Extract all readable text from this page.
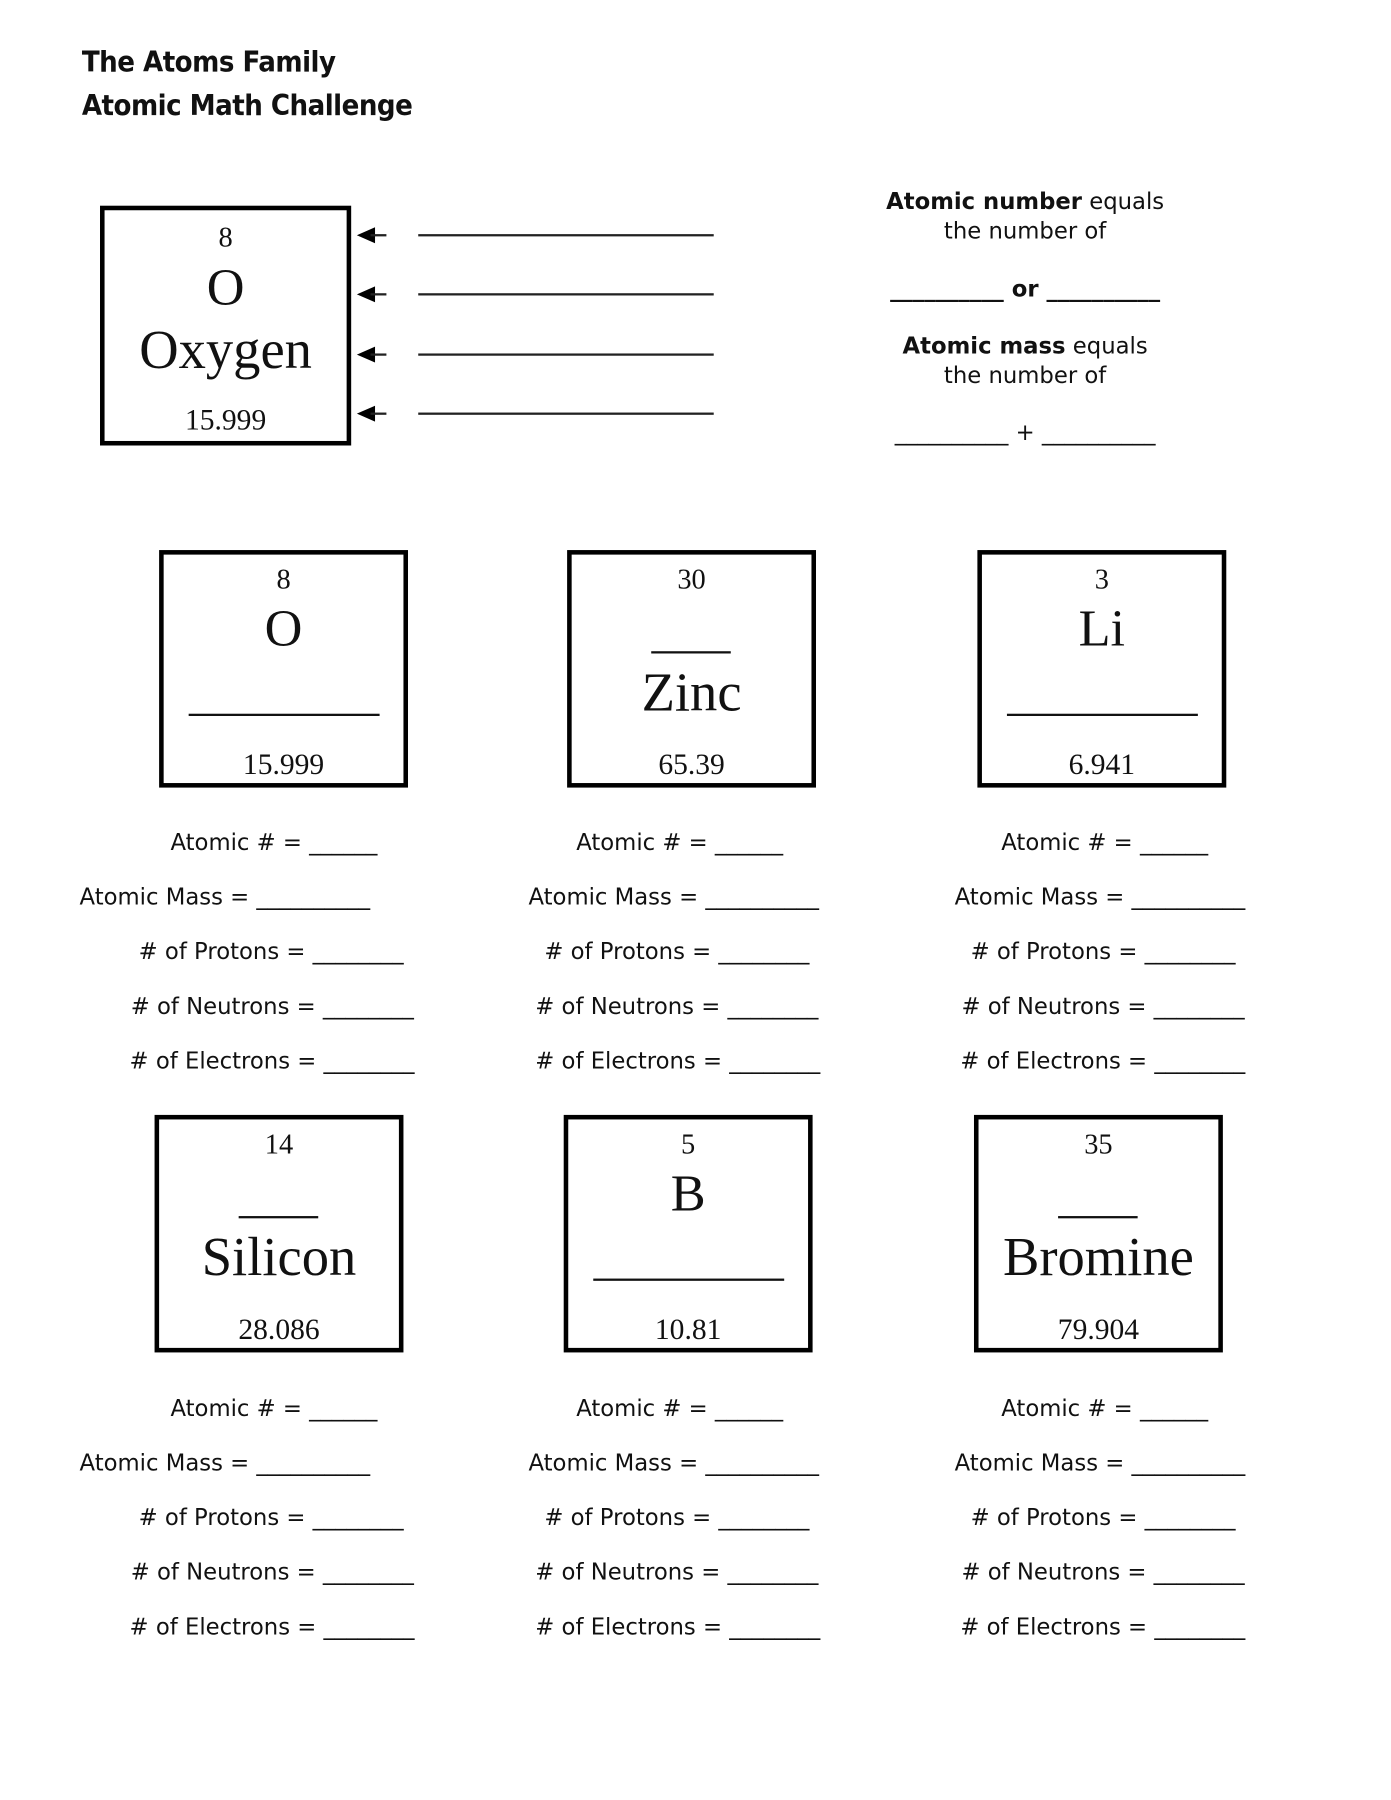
The Atoms Family
Atomic Math Challenge
8
O
Oxygen
15.999
Atomic number equals
the number of
__________ or __________
Atomic mass equals
the number of
__________ + __________
8
O
15.999
Atomic # = ______
Atomic Mass = __________
# of Protons = ________
# of Neutrons = ________
# of Electrons = ________
30
Zinc
65.39
Atomic # = ______
Atomic Mass = __________
# of Protons = ________
# of Neutrons = ________
# of Electrons = ________
3
Li
6.941
Atomic # = ______
Atomic Mass = __________
# of Protons = ________
# of Neutrons = ________
# of Electrons = ________
14
Silicon
28.086
Atomic # = ______
Atomic Mass = __________
# of Protons = ________
# of Neutrons = ________
# of Electrons = ________
5
B
10.81
Atomic # = ______
Atomic Mass = __________
# of Protons = ________
# of Neutrons = ________
# of Electrons = ________
35
Bromine
79.904
Atomic # = ______
Atomic Mass = __________
# of Protons = ________
# of Neutrons = ________
# of Electrons = ________
